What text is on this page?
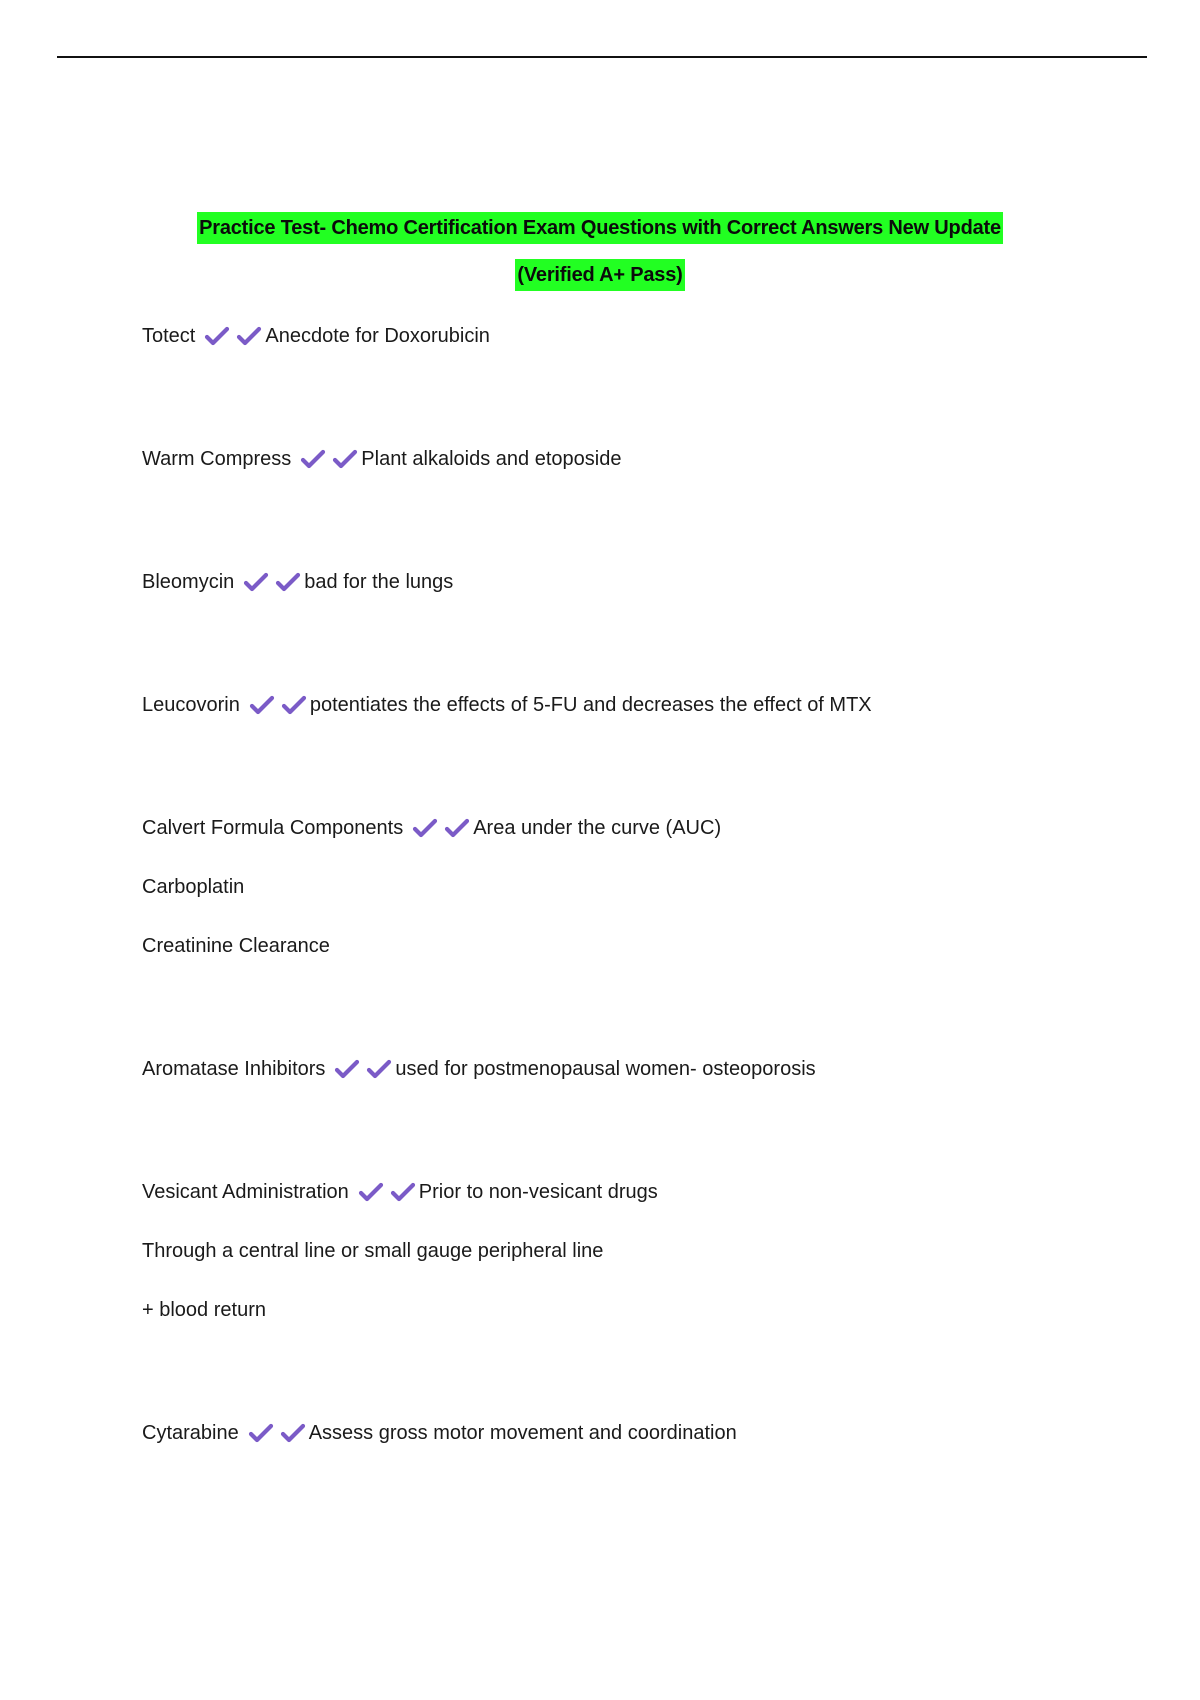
Practice Test- Chemo Certification Exam Questions with Correct Answers New Update
(Verified A+ Pass)
Totect	Anecdote for Doxorubicin
Warm Compress	Plant alkaloids and etoposide
Bleomycin	bad for the lungs
Leucovorin	potentiates the effects of 5-FU and decreases the effect of MTX
Calvert Formula Components	Area under the curve (AUC)
Carboplatin
Creatinine Clearance
Aromatase Inhibitors	used for postmenopausal women- osteoporosis
Vesicant Administration	Prior to non-vesicant drugs
Through a central line or small gauge peripheral line
+ blood return
Cytarabine	Assess gross motor movement and coordination
